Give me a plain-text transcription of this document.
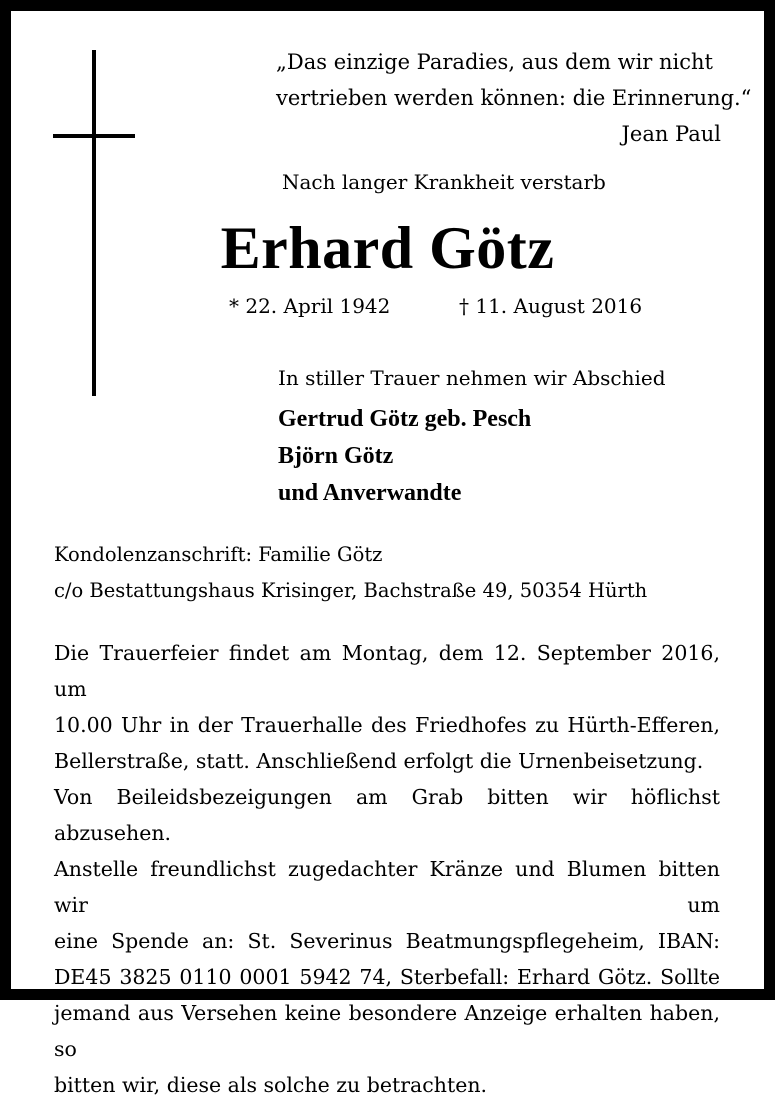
„Das einzige Paradies, aus dem wir nicht
vertrieben werden können: die Erinnerung.“
Jean Paul
Nach langer Krankheit verstarb
Erhard Götz
* 22. April 1942	† 11. August 2016
In stiller Trauer nehmen wir Abschied
Gertrud Götz geb. Pesch
Björn Götz
und Anverwandte
Kondolenzanschrift: Familie Götz
c/o Bestattungshaus Krisinger, Bachstraße 49, 50354 Hürth
Die Trauerfeier findet am Montag, dem 12. September 2016, um
10.00 Uhr in der Trauerhalle des Friedhofes zu Hürth-Efferen,
Bellerstraße, statt. Anschließend erfolgt die Urnenbeisetzung.
Von Beileidsbezeigungen am Grab bitten wir höflichst abzusehen.
Anstelle freundlichst zugedachter Kränze und Blumen bitten wir um
eine Spende an: St. Severinus Beatmungspflegeheim, IBAN:
DE45 3825 0110 0001 5942 74, Sterbefall: Erhard Götz. Sollte
jemand aus Versehen keine besondere Anzeige erhalten haben, so
bitten wir, diese als solche zu betrachten.
